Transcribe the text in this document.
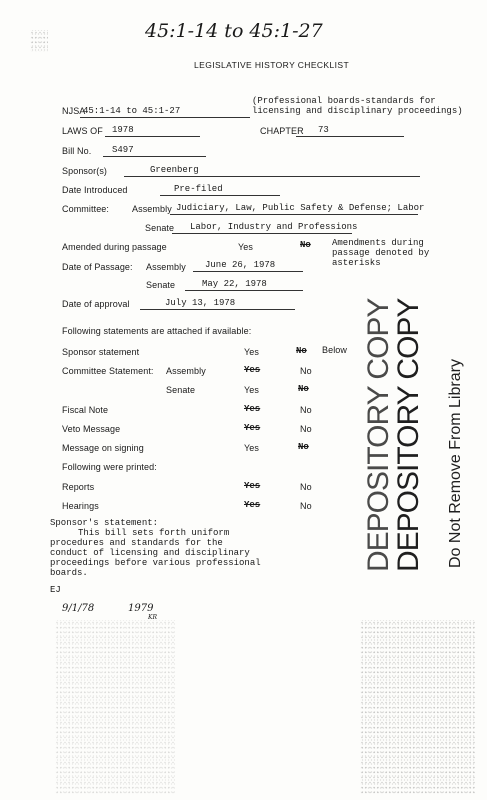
45:1-14 to 45:1-27
LEGISLATIVE HISTORY CHECKLIST
NJSA
45:1-14 to 45:1-27
(Professional boards-standards for
licensing and disciplinary proceedings)
LAWS OF 1978	CHAPTER 73
Bill No. S497
Sponsor(s)	Greenberg
Date Introduced	Pre-filed
Committee:	Assembly Judiciary, Law, Public Safety & Defense; Labor
Senate Labor, Industry and Professions
Amended during passage	Yes	No Amendments during
passage denoted by
asterisks
Date of Passage: Assembly June 26, 1978
Senate	May 22, 1978
Date of approval	July 13, 1978
Following statements are attached if available:
Sponsor statement	Yes	No Below
Committee Statement: Assembly	Yes	No
Senate	Yes	No
Fiscal Note	Yes	No
Veto Message	Yes	No
Message on signing	Yes	No
Following were printed:
Reports	Yes	No
Hearings	Yes	No
Sponsor's statement:
This bill sets forth uniform
procedures and standards for the
conduct of licensing and disciplinary
proceedings before various professional
boards.
EJ
9/1/78	1979
KR
DEPOSITORY COPY
DEPOSITORY COPY Do Not Remove From Library
